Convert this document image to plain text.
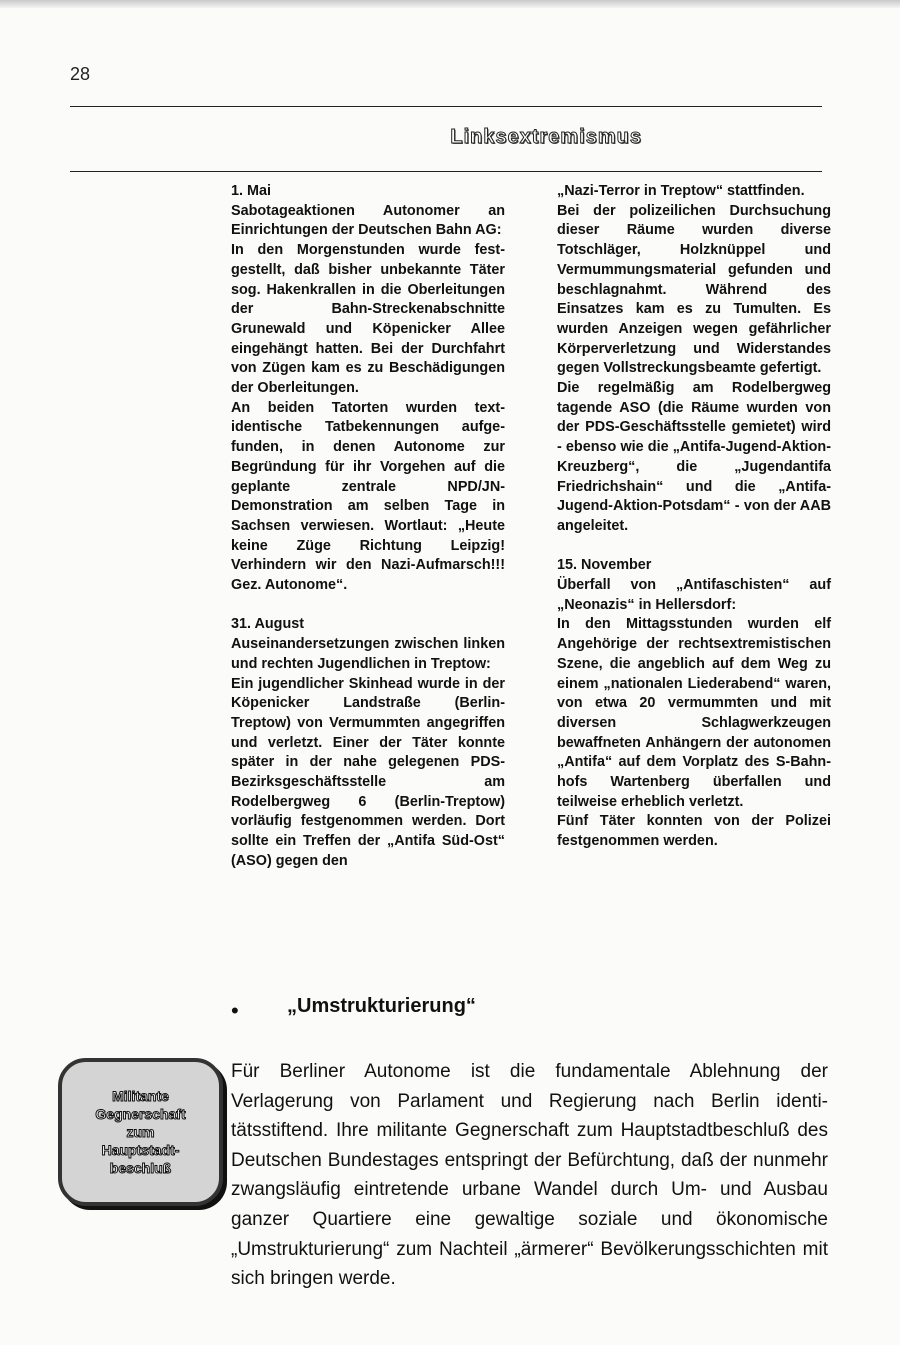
28
Linksextremismus

1. Mai

Sabotageaktionen Autonomer an Einrichtungen der Deutschen Bahn AG:

In den Morgenstunden wurde festgestellt, daß bisher unbekannte Täter sog. Hakenkrallen in die Oberleitungen der Bahn-Streckenabschnitte Grunewald und Köpenicker Allee eingehängt hatten. Bei der Durchfahrt von Zügen kam es zu Beschädigungen der Oberleitungen.

An beiden Tatorten wurden textidentische Tatbekennungen aufgefunden, in denen Autonome zur Begründung für ihr Vorgehen auf die geplante zentrale NPD/JN-Demonstration am selben Tage in Sachsen verwiesen. Wortlaut: „Heute keine Züge Richtung Leipzig! Verhindern wir den Nazi-Aufmarsch!!! Gez. Autonome“.

31. August

Auseinandersetzungen zwischen linken und rechten Jugendlichen in Treptow:

Ein jugendlicher Skinhead wurde in der Köpenicker Landstraße (Berlin-Treptow) von Vermummten angegriffen und verletzt. Einer der Täter konnte später in der nahe gelegenen PDS-Bezirksgeschäftsstelle am Rodelbergweg 6 (Berlin-Treptow) vorläufig festgenommen werden. Dort sollte ein Treffen der „Antifa Süd-Ost“ (ASO) gegen den

„Nazi-Terror in Treptow“ stattfinden.

Bei der polizeilichen Durchsuchung dieser Räume wurden diverse Totschläger, Holzknüppel und Vermummungsmaterial gefunden und beschlagnahmt. Während des Einsatzes kam es zu Tumulten. Es wurden Anzeigen wegen gefährlicher Körperverletzung und Widerstandes gegen Vollstreckungsbeamte gefertigt.

Die regelmäßig am Rodelbergweg tagende ASO (die Räume wurden von der PDS-Geschäftsstelle gemietet) wird - ebenso wie die „Antifa-Jugend-Aktion-Kreuzberg“, die „Jugendantifa Friedrichshain“ und die „Antifa-Jugend-Aktion-Potsdam“ - von der AAB angeleitet.

15. November

Überfall von „Antifaschisten“ auf „Neonazis“ in Hellersdorf:

In den Mittagsstunden wurden elf Angehörige der rechtsextremistischen Szene, die angeblich auf dem Weg zu einem „nationalen Liederabend“ waren, von etwa 20 vermummten und mit diversen Schlagwerkzeugen bewaffneten Anhängern der autonomen „Antifa“ auf dem Vorplatz des S-Bahnhofs Wartenberg überfallen und teilweise erheblich verletzt.

Fünf Täter konnten von der Polizei festgenommen werden.

• „Umstrukturierung“
Militante
Gegnerschaft
zum
Hauptstadt-
beschluß
Für Berliner Autonome ist die fundamentale Ablehnung der Verlagerung von Parlament und Regierung nach Berlin identitätsstiftend. Ihre militante Gegnerschaft zum Hauptstadtbeschluß des Deutschen Bundestages entspringt der Befürchtung, daß der nunmehr zwangsläufig eintretende urbane Wandel durch Um- und Ausbau ganzer Quartiere eine gewaltige soziale und ökonomische „Umstrukturierung“ zum Nachteil „ärmerer“ Bevölkerungsschichten mit sich bringen werde.
